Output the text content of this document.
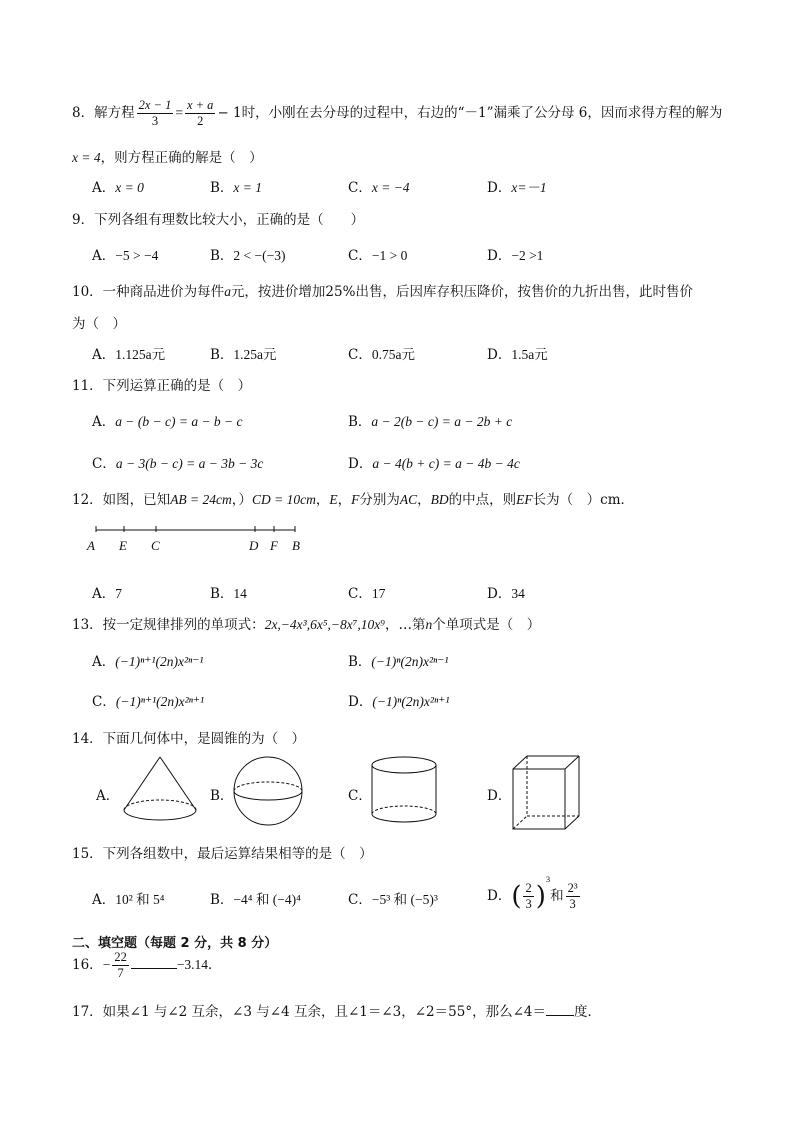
8．解方程 $\frac{2x - 1}{3} = \frac{x + a}{2} - 1$时，小刚在去分母的过程中，右边的“－1”漏乘了公分母 6，因而求得方程的解为
x = 4，则方程正确的解是（　）
A．x = 0	B．x = 1	C．x = −4	D．x=－1
9．下列各组有理数比较大小，正确的是（　　）
A．−5 > −4	B．2 < −(−3)	C．−1 > 0	D．−2 >1
10．一种商品进价为每件a元，按进价增加25%出售，后因库存积压降价，按售价的九折出售，此时售价
为（　）
A．1.125a元	B．1.25a元	C．0.75a元	D．1.5a元
11．下列运算正确的是（　）
A．a − (b − c) = a − b − c	B．a − 2(b − c) = a − 2b + c
C．a − 3(b − c) = a − 3b − 3c	D．a − 4(b + c) = a − 4b − 4c
12．如图，已知AB = 24cm，）CD = 10cm，E，F分别为AC，BD的中点，则EF长为（　）cm．
A E C	D F B
A．7	B．14	C．17	D．34
13．按一定规律排列的单项式：2x,−4x³,6x⁵,−8x⁷,10x⁹，…第n个单项式是（　）
A．(−1)ⁿ⁺¹(2n)x²ⁿ⁻¹	B．(−1)ⁿ(2n)x²ⁿ⁻¹
C．(−1)ⁿ⁺¹(2n)x²ⁿ⁺¹	D．(−1)ⁿ(2n)x²ⁿ⁺¹
14．下面几何体中，是圆锥的为（　）
A．	B．	C．	D．
15．下列各组数中，最后运算结果相等的是（　）
A．10² 和 5⁴	B．−4⁴ 和 (−4)⁴	C．−5³ 和 (−5)³	D．( $\frac{2}{3} )^3$和 $\frac{\text{2³}}{3}$
二、填空题（每题 2 分，共 8 分）
16．− $\frac{22}{7}$	−3.14．
17．如果∠1 与∠2 互余，∠3 与∠4 互余，且∠1＝∠3，∠2＝55°，那么∠4＝ 度．
